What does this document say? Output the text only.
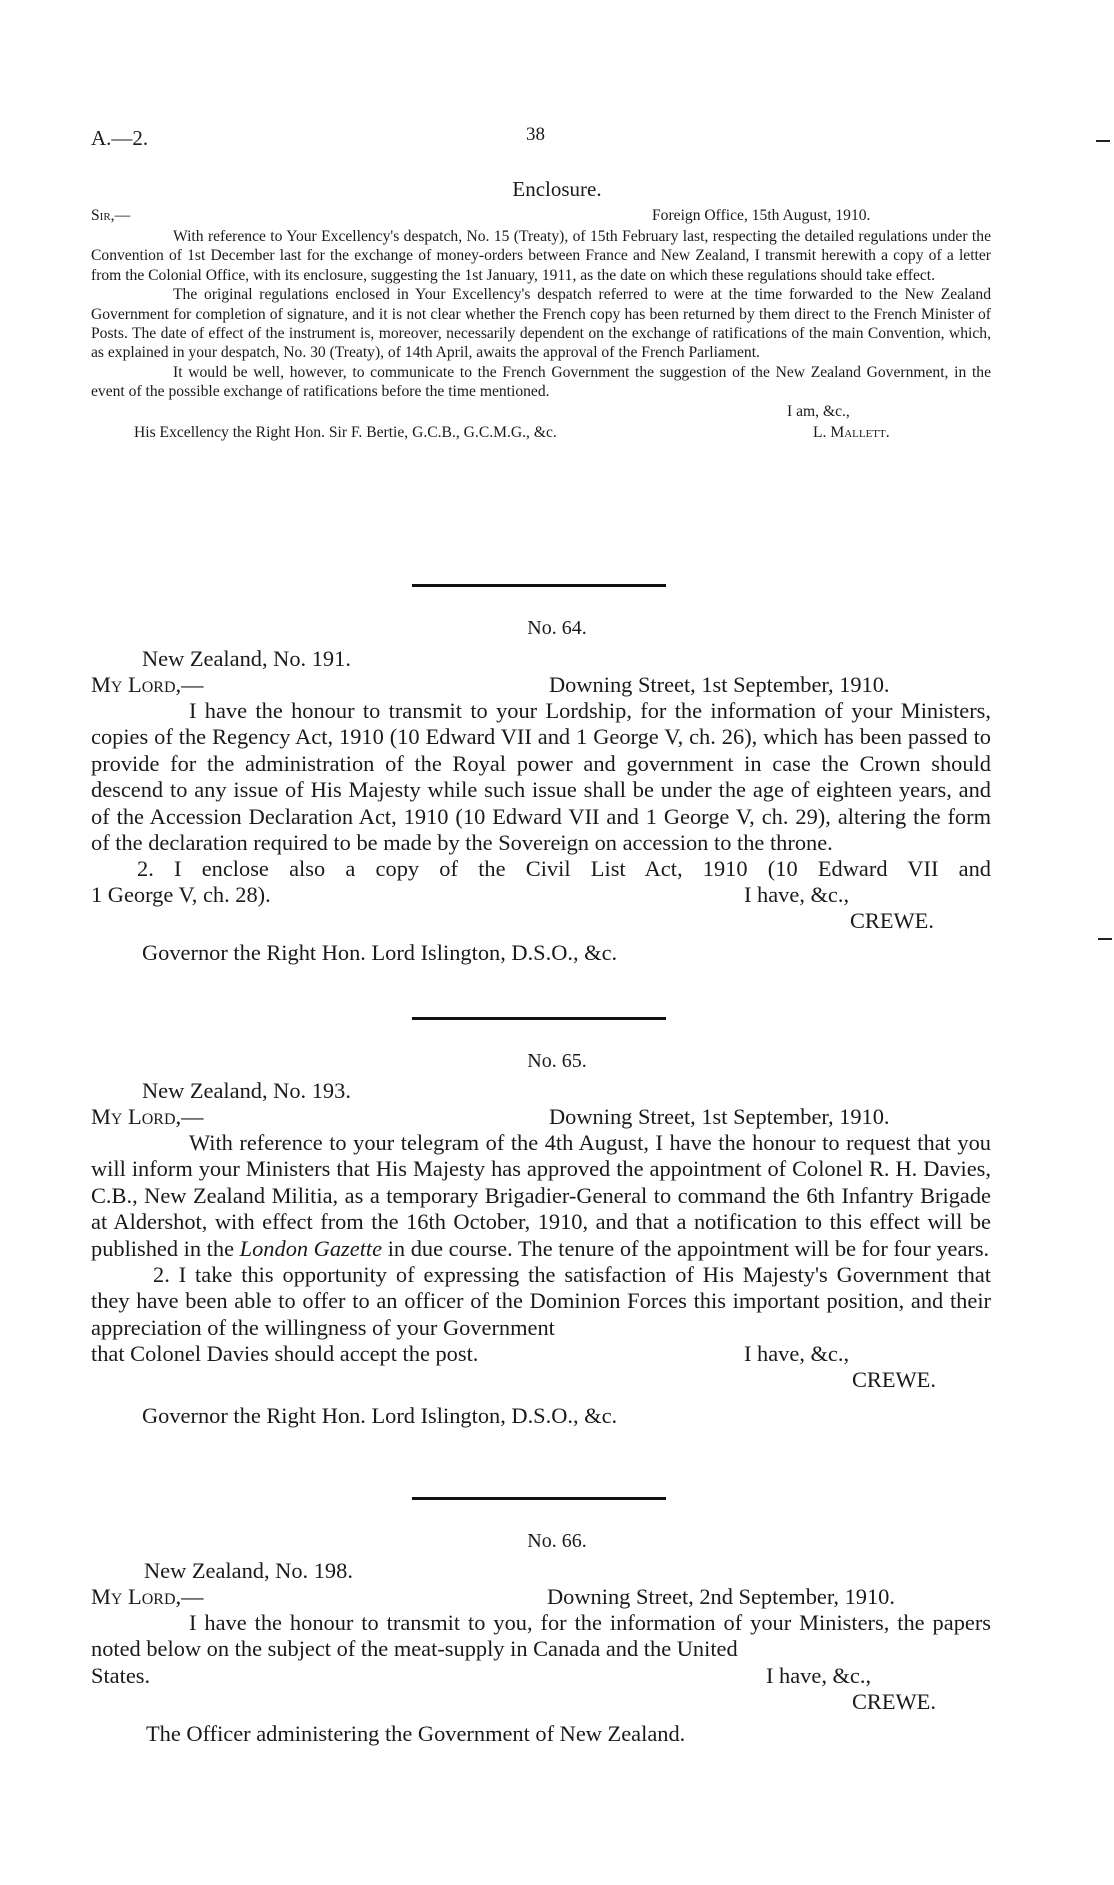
A.—2.	38
Enclosure.
Sir,—	Foreign Office, 15th August, 1910.

With reference to Your Excellency's despatch, No. 15 (Treaty), of 15th February last, respecting the detailed regulations under the Convention of 1st December last for the exchange of money-orders between France and New Zealand, I transmit herewith a copy of a letter from the Colonial Office, with its enclosure, suggesting the 1st January, 1911, as the date on which these regulations should take effect.

The original regulations enclosed in Your Excellency's despatch referred to were at the time forwarded to the New Zealand Government for completion of signature, and it is not clear whether the French copy has been returned by them direct to the French Minister of Posts. The date of effect of the instrument is, moreover, necessarily dependent on the exchange of ratifications of the main Convention, which, as explained in your despatch, No. 30 (Treaty), of 14th April, awaits the approval of the French Parliament.

It would be well, however, to communicate to the French Government the suggestion of the New Zealand Government, in the event of the possible exchange of ratifications before the time mentioned.

I am, &c.,
His Excellency the Right Hon. Sir F. Bertie, G.C.B., G.C.M.G., &c.	L. Mallett.
No. 64.
New Zealand, No. 191.
My Lord,—	Downing Street, 1st September, 1910.

I have the honour to transmit to your Lordship, for the information of your Ministers, copies of the Regency Act, 1910 (10 Edward VII and 1 George V, ch. 26), which has been passed to provide for the administration of the Royal power and government in case the Crown should descend to any issue of His Majesty while such issue shall be under the age of eighteen years, and of the Accession Declaration Act, 1910 (10 Edward VII and 1 George V, ch. 29), altering the form of the declaration required to be made by the Sovereign on accession to the throne.

2. I enclose also a copy of the Civil List Act, 1910 (10 Edward VII and
1 George V, ch. 28).	I have, &c.,
CREWE.
Governor the Right Hon. Lord Islington, D.S.O., &c.
No. 65.
New Zealand, No. 193.
My Lord,—	Downing Street, 1st September, 1910.

With reference to your telegram of the 4th August, I have the honour to request that you will inform your Ministers that His Majesty has approved the appointment of Colonel R. H. Davies, C.B., New Zealand Militia, as a temporary Brigadier-General to command the 6th Infantry Brigade at Aldershot, with effect from the 16th October, 1910, and that a notification to this effect will be published in the London Gazette in due course. The tenure of the appointment will be for four years.

2. I take this opportunity of expressing the satisfaction of His Majesty's Government that they have been able to offer to an officer of the Dominion Forces this important position, and their appreciation of the willingness of your Government

that Colonel Davies should accept the post.	I have, &c.,
CREWE.
Governor the Right Hon. Lord Islington, D.S.O., &c.
No. 66.
New Zealand, No. 198.
My Lord,—	Downing Street, 2nd September, 1910.

I have the honour to transmit to you, for the information of your Ministers, the papers noted below on the subject of the meat-supply in Canada and the United

States.	I have, &c.,
CREWE.
The Officer administering the Government of New Zealand.
